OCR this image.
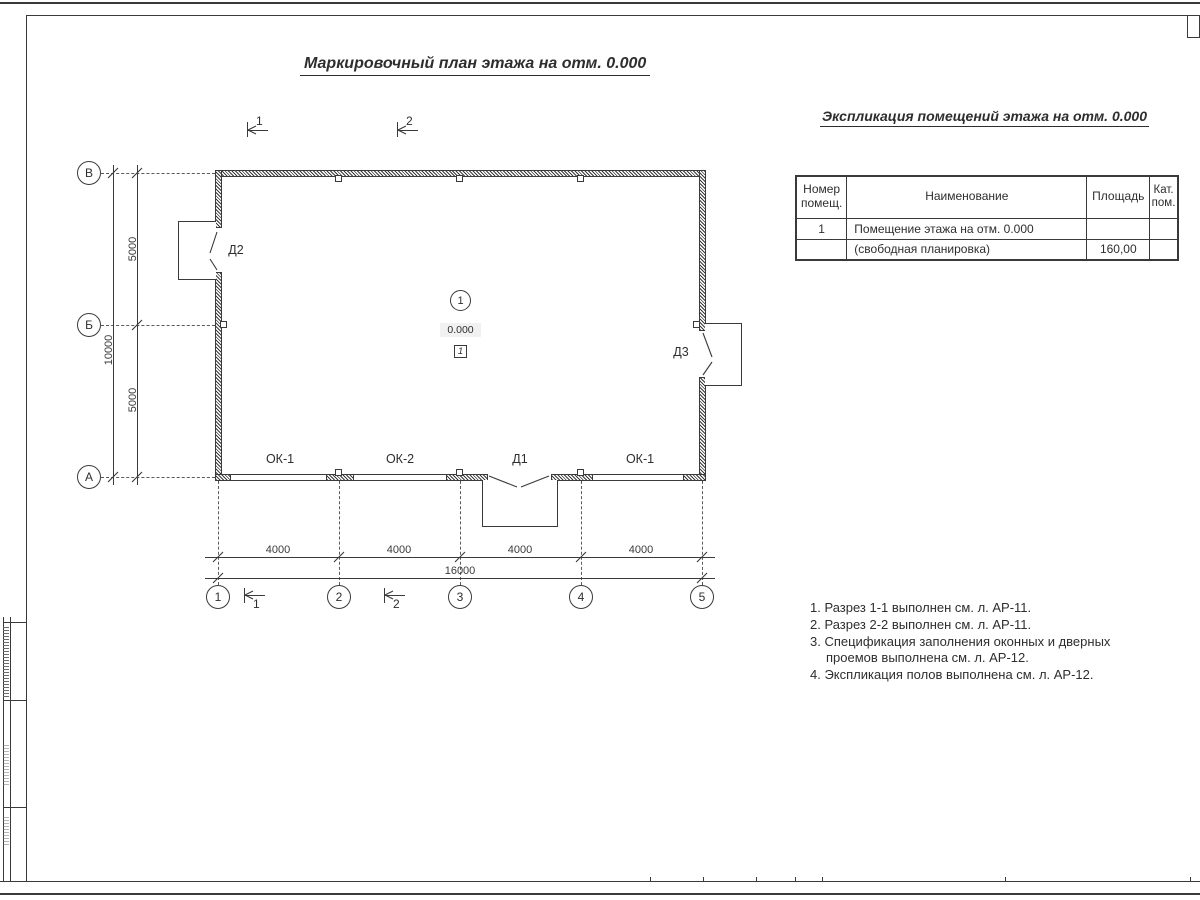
Маркировочный план этажа на отм. 0.000
1
0.000
1
Д2
Д3
ОК-1	ОК-2	Д1	ОК-1
4000	4000	4000	4000
16000
5000
5000
10000
1	2	3	4	5
В
Б
А
1	2
1	2
Экспликация помещений этажа на отм. 0.000
Номер помещ.	Наименование	Площадь	Кат. пом.
1	Помещение этажа на отм. 0.000		
	(свободная планировка)	160,00	
1. Разрез 1-1 выполнен см. л. АР-11.
2. Разрез 2-2 выполнен см. л. АР-11.
3. Спецификация заполнения оконных и дверных проемов выполнена см. л. АР-12.
4. Экспликация полов выполнена см. л. АР-12.
